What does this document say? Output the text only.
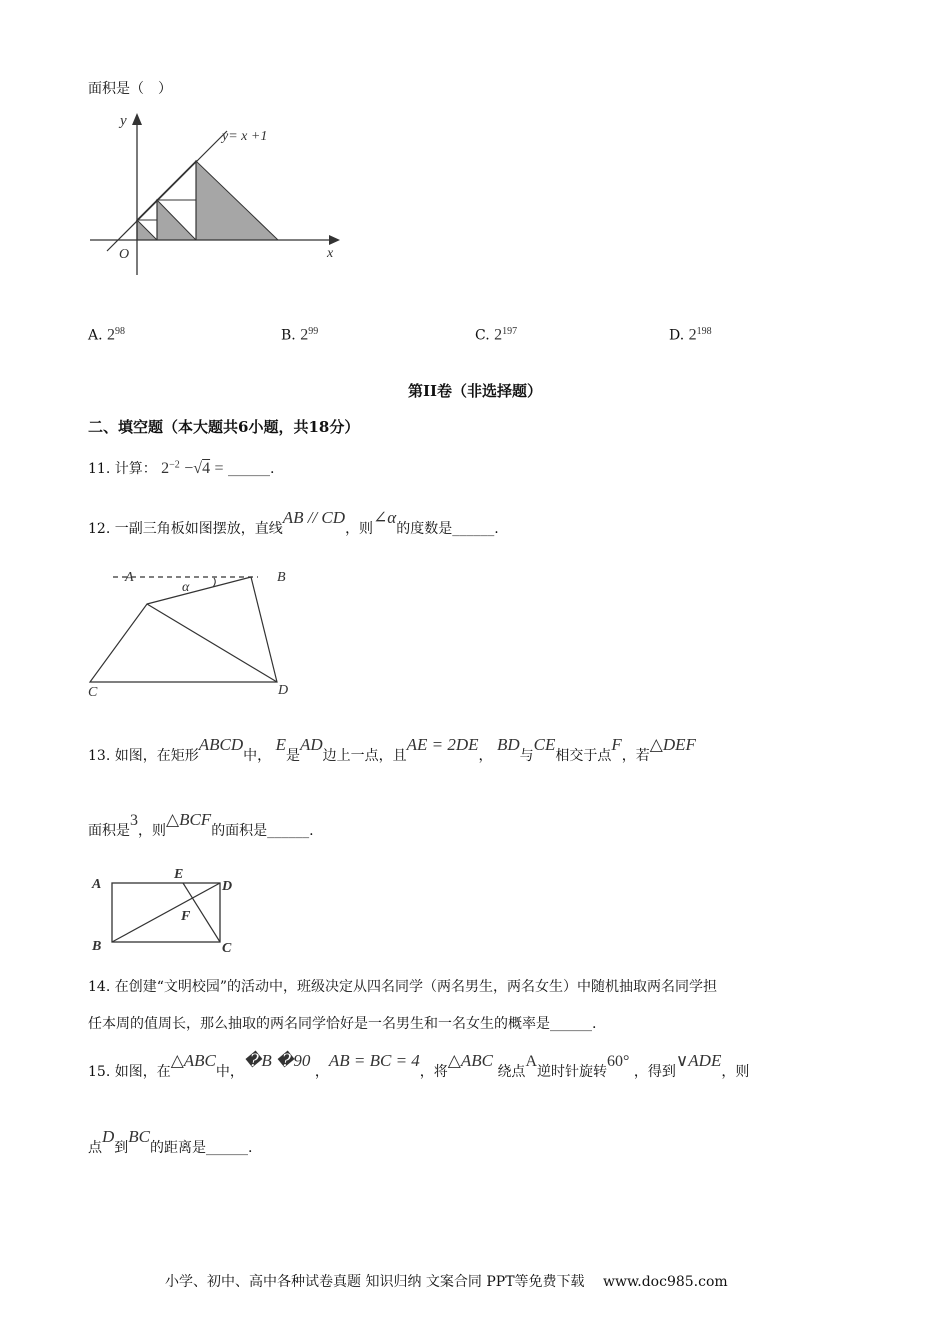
面积是（　）
y= x +1
y
x
O
A. $2^{98}$	B. $2^{99}$	C. $2^{197}$	D. $2^{198}$
第II卷（非选择题）
二、填空题（本大题共6小题，共18分）
11. 计算： $2^{-2} -√4$ = ______.
12. 一副三角板如图摆放，直线AB // CD，则∠α的度数是______.
A	B
C	D
α
13. 如图，在矩形ABCD中， E是AD边上一点，且AE = 2DE， BD与CE相交于点F，若△DEF
面积是3，则△BCF的面积是______.
A
B	C
D
E
F
14. 在创建“文明校园”的活动中，班级决定从四名同学（两名男生，两名女生）中随机抽取两名同学担
任本周的值周长，那么抽取的两名同学恰好是一名男生和一名女生的概率是______.
15. 如图，在△ABC中，�B �90 ，AB = BC = 4，将△ABC 绕点A逆时针旋转60° ，得到∨ADE，则
点D到BC的距离是______.
小学、初中、高中各种试卷真题 知识归纳 文案合同 PPT等免费下载 www.doc985.com
